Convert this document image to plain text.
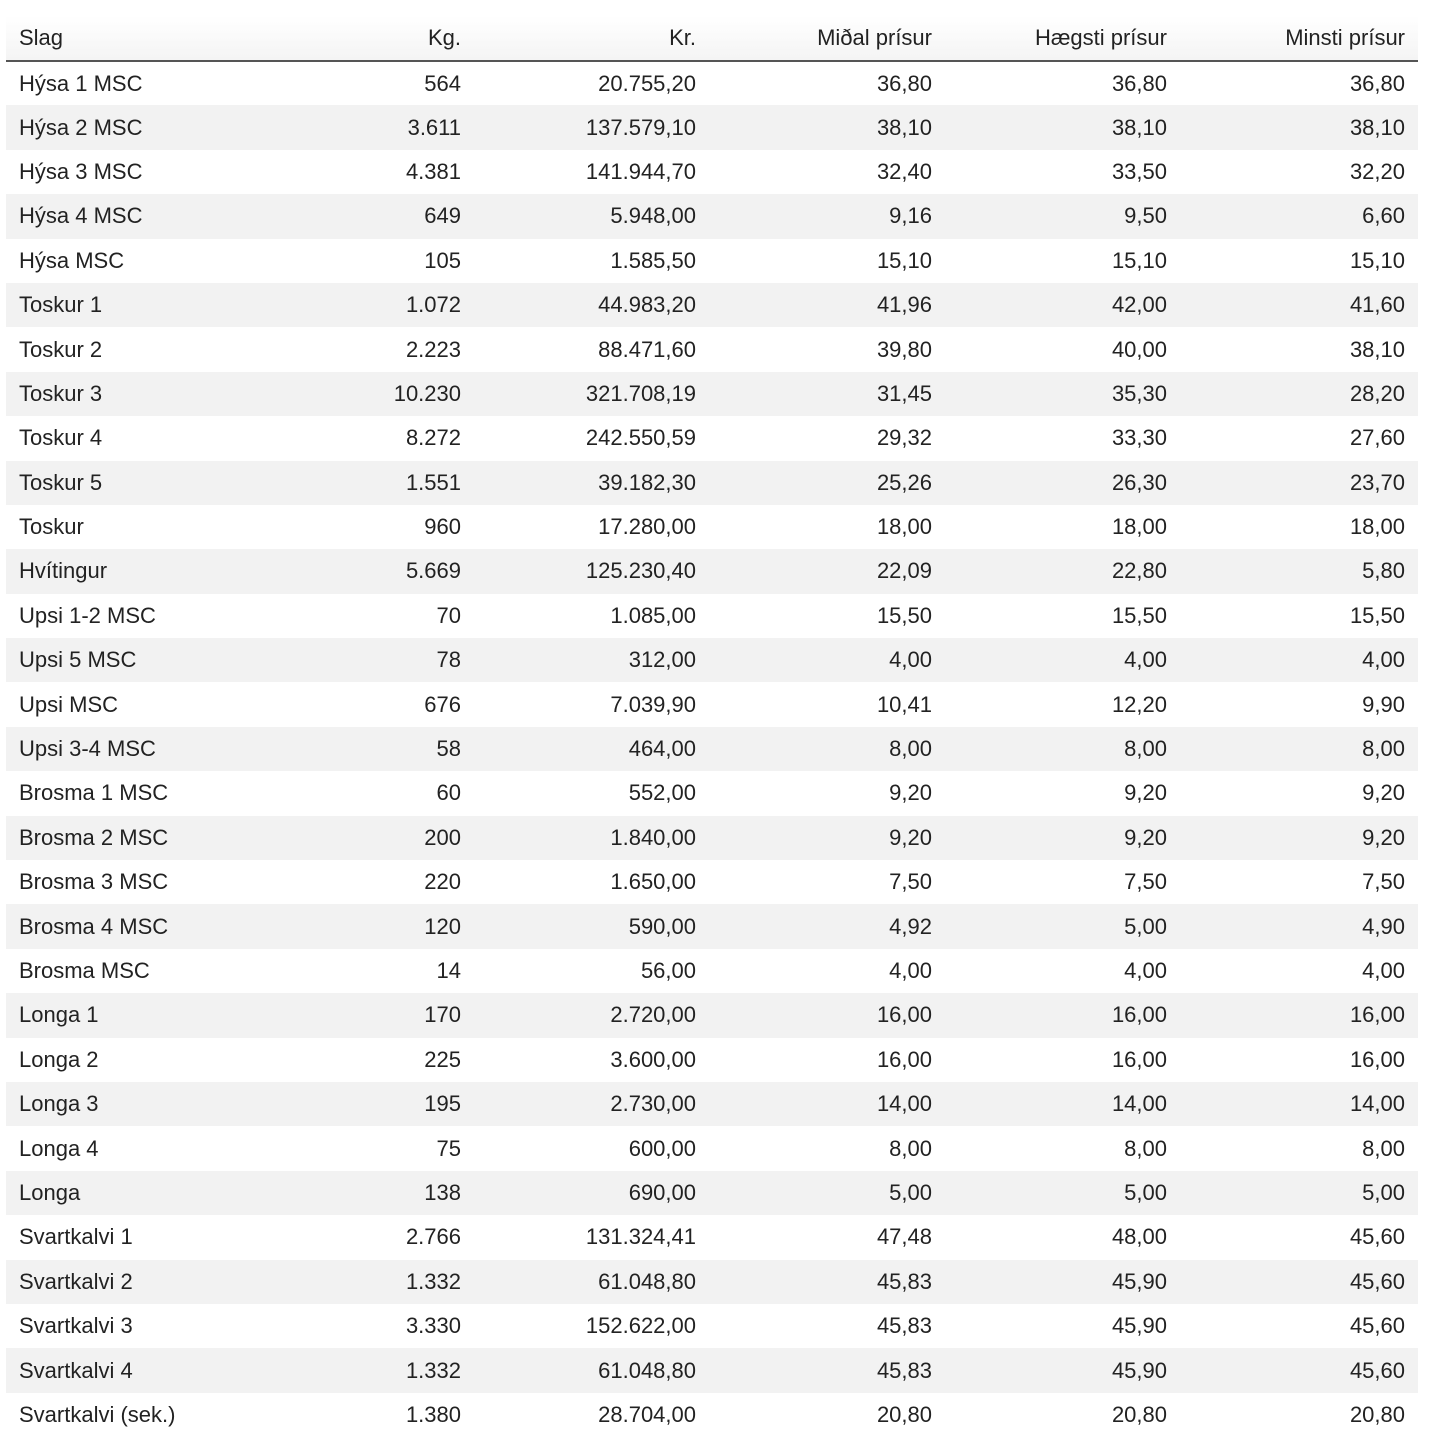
Slag	Kg.	Kr.	Miðal prísur	Hægsti prísur	Minsti prísur
Hýsa 1 MSC	564	20.755,20	36,80	36,80	36,80
Hýsa 2 MSC	3.611	137.579,10	38,10	38,10	38,10
Hýsa 3 MSC	4.381	141.944,70	32,40	33,50	32,20
Hýsa 4 MSC	649	5.948,00	9,16	9,50	6,60
Hýsa MSC	105	1.585,50	15,10	15,10	15,10
Toskur 1	1.072	44.983,20	41,96	42,00	41,60
Toskur 2	2.223	88.471,60	39,80	40,00	38,10
Toskur 3	10.230	321.708,19	31,45	35,30	28,20
Toskur 4	8.272	242.550,59	29,32	33,30	27,60
Toskur 5	1.551	39.182,30	25,26	26,30	23,70
Toskur	960	17.280,00	18,00	18,00	18,00
Hvítingur	5.669	125.230,40	22,09	22,80	5,80
Upsi 1-2 MSC	70	1.085,00	15,50	15,50	15,50
Upsi 5 MSC	78	312,00	4,00	4,00	4,00
Upsi MSC	676	7.039,90	10,41	12,20	9,90
Upsi 3-4 MSC	58	464,00	8,00	8,00	8,00
Brosma 1 MSC	60	552,00	9,20	9,20	9,20
Brosma 2 MSC	200	1.840,00	9,20	9,20	9,20
Brosma 3 MSC	220	1.650,00	7,50	7,50	7,50
Brosma 4 MSC	120	590,00	4,92	5,00	4,90
Brosma MSC	14	56,00	4,00	4,00	4,00
Longa 1	170	2.720,00	16,00	16,00	16,00
Longa 2	225	3.600,00	16,00	16,00	16,00
Longa 3	195	2.730,00	14,00	14,00	14,00
Longa 4	75	600,00	8,00	8,00	8,00
Longa	138	690,00	5,00	5,00	5,00
Svartkalvi 1	2.766	131.324,41	47,48	48,00	45,60
Svartkalvi 2	1.332	61.048,80	45,83	45,90	45,60
Svartkalvi 3	3.330	152.622,00	45,83	45,90	45,60
Svartkalvi 4	1.332	61.048,80	45,83	45,90	45,60
Svartkalvi (sek.)	1.380	28.704,00	20,80	20,80	20,80
